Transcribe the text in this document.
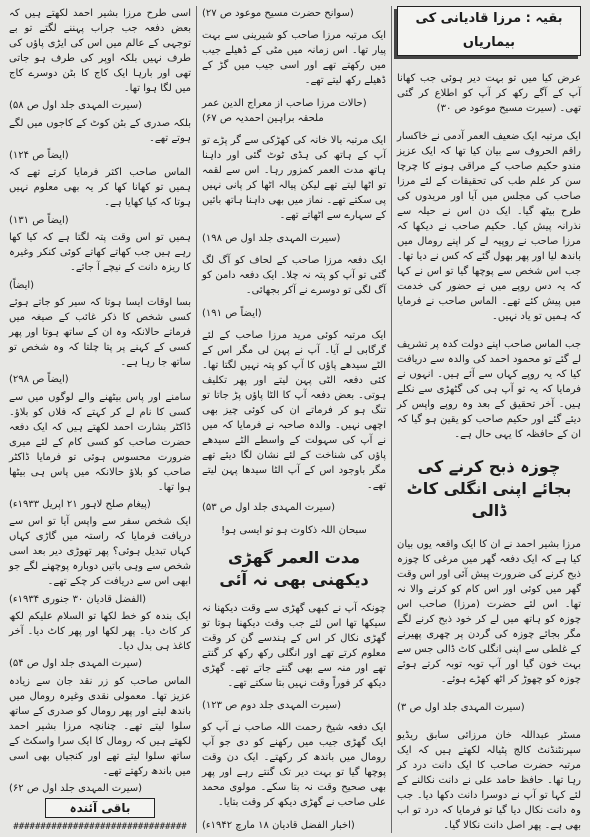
بقیہ : مرزا قادیانی کی بیماریاں

عرض کیا میں تو بہت دیر ہوئی جب کھانا آپ کے آگے رکھ کر آپ کو اطلاع کر گئی تھی۔ (سیرت مسیح موعود ص ۳۰)

ایک مرتبہ ایک ضعیف العمر آدمی نے خاکسار راقم الحروف سے بیان کیا تھا کہ ایک عزیز مندو حکیم صاحب کے مراقی ہونے کا چرچا سن کر علم طب کی تحقیقات کے لئے مرزا صاحب کی مجلس میں آیا اور مریدوں کی طرح بیٹھ گیا۔ ایک دن اس نے حیلہ سے نذرانہ پیش کیا۔ حکیم صاحب نے دیکھا کہ مرزا صاحب نے روپیہ لے کر اپنے رومال میں باندھ لیا اور پھر بھول گئے کہ کس نے دیا تھا۔ جب اس شخص سے پوچھا گیا تو اس نے کہا کہ یہ دس روپے میں نے حضور کی خدمت میں پیش کئے تھے۔ الماس صاحب نے فرمایا کہ ہمیں تو یاد نہیں۔

جب الماس صاحب اپنے دولت کدہ پر تشریف لے گئے تو محمود احمد کی والدہ سے دریافت کیا کہ یہ روپے کہاں سے آئے ہیں۔ انہوں نے فرمایا کہ یہ تو آپ ہی کی گٹھڑی سے نکلے ہیں۔ آخر تحقیق کے بعد وہ روپے واپس کر دیئے گئے اور حکیم صاحب کو یقین ہو گیا کہ ان کے حافظہ کا یہی حال ہے۔

چوزہ ذبح کرنے کی بجائے اپنی انگلی کاٹ ڈالی

مرزا بشیر احمد نے ان کا ایک واقعہ یوں بیان کیا ہے کہ ایک دفعہ گھر میں مرغی کا چوزہ ذبح کرنے کی ضرورت پیش آئی اور اس وقت گھر میں کوئی اور اس کام کو کرنے والا نہ تھا۔ اس لئے حضرت (مرزا) صاحب اس چوزہ کو ہاتھ میں لے کر خود ذبح کرنے لگے مگر بجائے چوزہ کی گردن پر چھری پھیرنے کے غلطی سے اپنی انگلی کاٹ ڈالی جس سے بہت خون گیا اور آپ توبہ توبہ کرتے ہوئے چوزہ کو چھوڑ کر اٹھ کھڑے ہوئے۔

(سیرت المہدی جلد اول ص ۳)

مسٹر عبداللہ خان مرزائی سابق ریڈیو سپرنٹنڈنٹ کالج پٹیالہ لکھتے ہیں کہ ایک مرتبہ حضرت صاحب کا ایک دانت درد کر رہا تھا۔ حافظ حامد علی نے دانت نکالنے کے لئے کہا تو آپ نے دوسرا دانت دکھا دیا۔ جب وہ دانت نکال دیا گیا تو فرمایا کہ درد تو اب بھی ہے۔ پھر اصل دانت نکالا گیا۔

(سوانح حضرت مسیح موعود ص ۲۷)

ایک مرتبہ مرزا صاحب کو شیرینی سے بہت پیار تھا۔ اس زمانہ میں مٹی کے ڈھیلے جیب میں رکھتے تھے اور اسی جیب میں گڑ کے ڈھیلے رکھ لیتے تھے۔

(حالات مرزا صاحب از معراج الدین عمر ملحقہ براہین احمدیہ ص ۶۷)

ایک مرتبہ بالا خانہ کی کھڑکی سے گر پڑے تو آپ کے ہاتھ کی ہڈی ٹوٹ گئی اور داہنا ہاتھ مدت العمر کمزور رہا۔ اس سے لقمہ تو اٹھا لیتے تھے لیکن پیالہ اٹھا کر پانی نہیں پی سکتے تھے۔ نماز میں بھی داہنا ہاتھ بائیں کے سہارے سے اٹھاتے تھے۔

(سیرت المہدی جلد اول ص ۱۹۸)

ایک دفعہ مرزا صاحب کے لحاف کو آگ لگ گئی تو آپ کو پتہ نہ چلا۔ ایک دفعہ دامن کو آگ لگی تو دوسرے نے آکر بجھائی۔

(ایضاً ص ۱۹۱)

ایک مرتبہ کوئی مرید مرزا صاحب کے لئے گرگابی لے آیا۔ آپ نے پہن لی مگر اس کے الٹے سیدھے پاؤں کا آپ کو پتہ نہیں لگتا تھا۔ کئی دفعہ الٹی پہن لیتے اور پھر تکلیف ہوتی۔ بعض دفعہ آپ کا الٹا پاؤں پڑ جاتا تو تنگ ہو کر فرماتے ان کی کوئی چیز بھی اچھی نہیں۔ والدہ صاحبہ نے فرمایا کہ میں نے آپ کی سہولت کے واسطے الٹے سیدھے پاؤں کی شناخت کے لئے نشان لگا دیئے تھے مگر باوجود اس کے آپ الٹا سیدھا پہن لیتے تھے۔

(سیرت المہدی جلد اول ص ۵۳)

سبحان اللہ ذکاوت ہو تو ایسی ہو!

مدت العمر گھڑی دیکھنی بھی نہ آئی

چونکہ آپ نے کبھی گھڑی سے وقت دیکھنا نہ سیکھا تھا اس لئے جب وقت دیکھنا ہوتا تو گھڑی نکال کر اس کے ہندسے گن کر وقت معلوم کرتے تھے اور انگلی رکھ رکھ کر گنتے تھے اور منہ سے بھی گنتے جاتے تھے۔ گھڑی دیکھ کر فوراً وقت نہیں بتا سکتے تھے۔

(سیرت المہدی جلد دوم ص ۱۲۳)

ایک دفعہ شیخ رحمت اللہ صاحب نے آپ کو ایک گھڑی جیب میں رکھنے کو دی جو آپ رومال میں باندھ کر رکھتے۔ ایک دن وقت پوچھا گیا تو بہت دیر تک گنتے رہے اور پھر بھی صحیح وقت نہ بتا سکے۔ مولوی محمد علی صاحب نے گھڑی دیکھ کر وقت بتایا۔

(اخبار الفضل قادیان ۱۸ مارچ ۱۹۴۲ء)

اسی طرح مرزا بشیر احمد لکھتے ہیں کہ بعض دفعہ جب جراب پہننے لگتے تو بے توجہی کے عالم میں اس کی ایڑی پاؤں کی طرف نہیں بلکہ اوپر کی طرف ہو جاتی تھی اور بارہا ایک کاج کا بٹن دوسرے کاج میں لگا ہوا تھا۔

(سیرت المہدی جلد اول ص ۵۸)

بلکہ صدری کے بٹن کوٹ کے کاجوں میں لگے ہوتے تھے۔

(ایضاً ص ۱۲۴)

الماس صاحب اکثر فرمایا کرتے تھے کہ ہمیں تو کھانا کھا کر یہ بھی معلوم نہیں ہوتا کہ کیا کھایا ہے۔

(ایضاً ص ۱۳۱)

ہمیں تو اس وقت پتہ لگتا ہے کہ کیا کھا رہے ہیں جب کھاتے کھاتے کوئی کنکر وغیرہ کا ریزہ دانت کے نیچے آ جائے۔

(ایضاً)

بسا اوقات ایسا ہوتا کہ سیر کو جاتے ہوئے کسی شخص کا ذکر غائب کے صیغہ میں فرماتے حالانکہ وہ ان کے ساتھ ہوتا اور پھر کسی کے کہنے پر پتا چلتا کہ وہ شخص تو ساتھ جا رہا ہے۔

(ایضاً ص ۲۹۸)

سامنے اور پاس بیٹھنے والے لوگوں میں سے کسی کا نام لے کر کہتے کہ فلاں کو بلاؤ۔ ڈاکٹر بشارت احمد لکھتے ہیں کہ ایک دفعہ حضرت صاحب کو کسی کام کے لئے میری ضرورت محسوس ہوئی تو فرمایا ڈاکٹر صاحب کو بلاؤ حالانکہ میں پاس ہی بیٹھا ہوا تھا۔

(پیغام صلح لاہور ۲۱ اپریل ۱۹۳۳ء)

ایک شخص سفر سے واپس آیا تو اس سے دریافت فرمایا کہ راستہ میں گاڑی کہاں کہاں تبدیل ہوئی؟ پھر تھوڑی دیر بعد اسی شخص سے وہی باتیں دوبارہ پوچھنے لگے جو ابھی اس سے دریافت کر چکے تھے۔

(الفضل قادیان ۳۰ جنوری ۱۹۳۴ء)

ایک بندہ کو خط لکھا تو السلام علیکم لکھ کر کاٹ دیا۔ پھر لکھا اور پھر کاٹ دیا۔ آخر کاغذ ہی بدل دیا۔

(سیرت المہدی جلد اول ص ۵۴)

الماس صاحب کو زر نقد جان سے زیادہ عزیز تھا۔ معمولی نقدی وغیرہ رومال میں باندھ لیتے اور پھر رومال کو صدری کے ساتھ سلوا لیتے تھے۔ چنانچہ مرزا بشیر احمد لکھتے ہیں کہ رومال کا ایک سرا واسکٹ کے ساتھ سلوا لیتے تھے اور کنجیاں بھی اسی میں باندھ رکھتے تھے۔

(سیرت المہدی جلد اول ص ۶۲)

باقی آئندہ
################################
